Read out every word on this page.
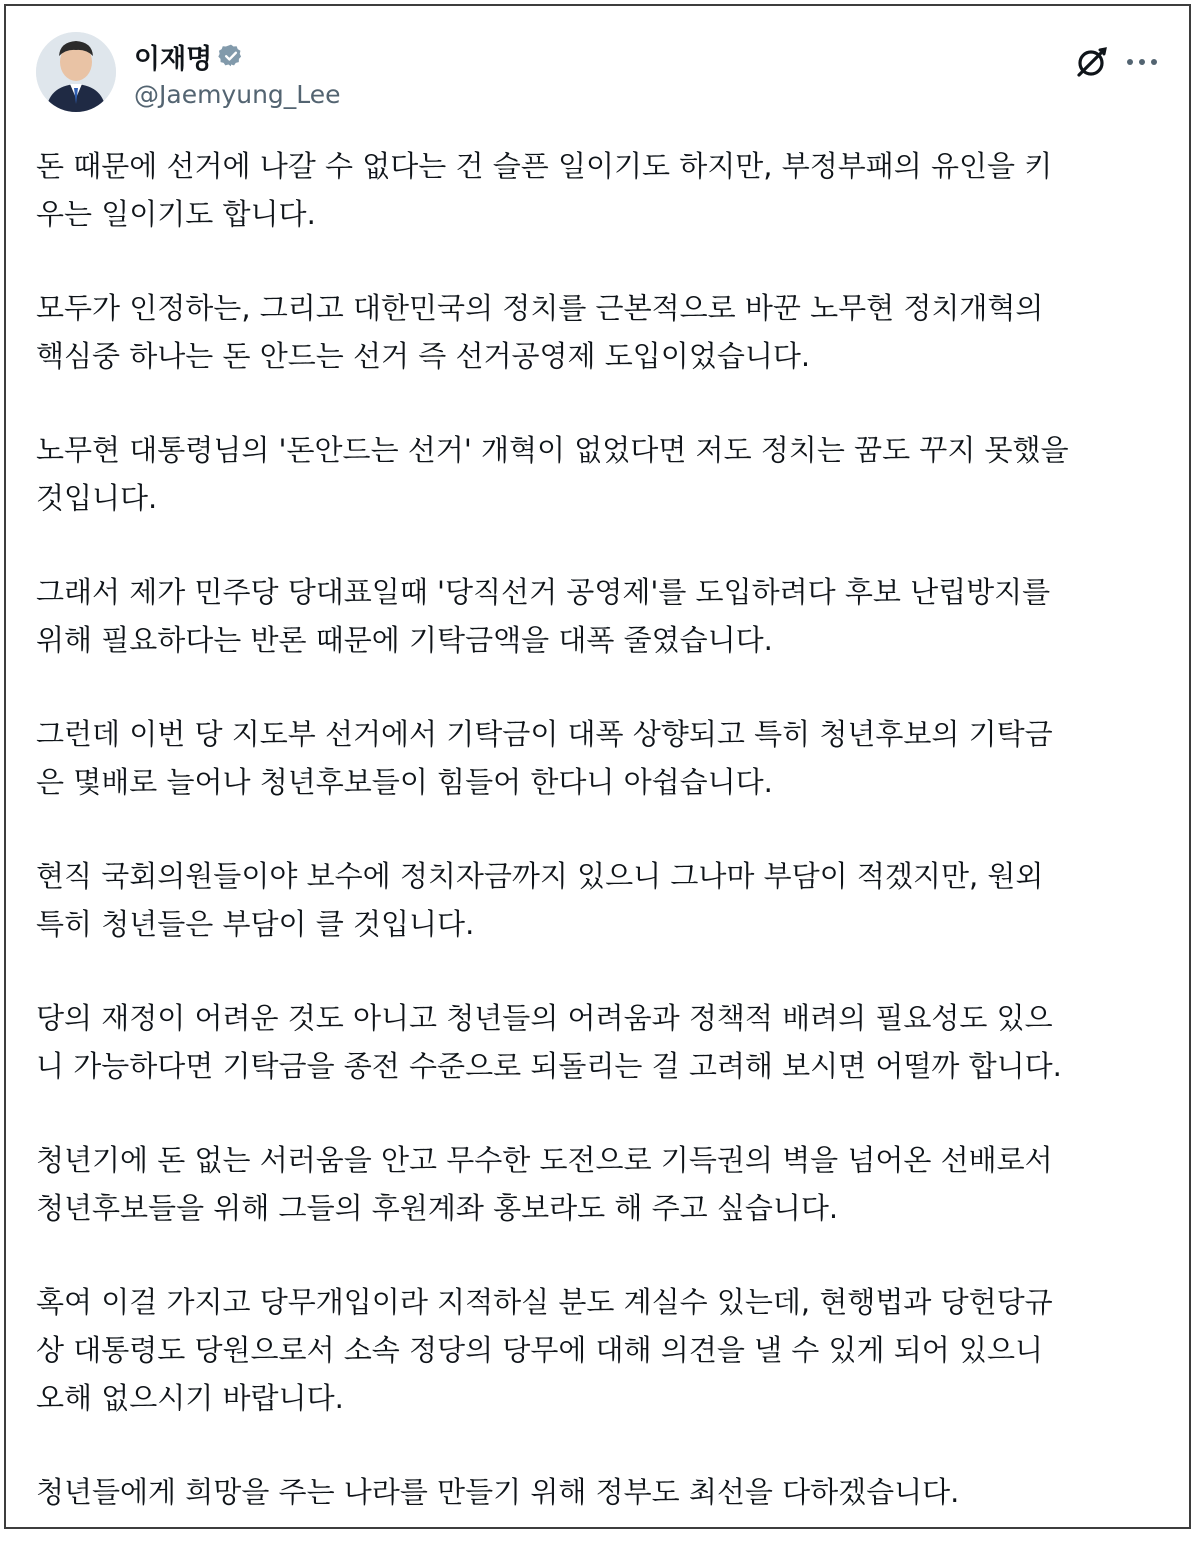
이재명
@Jaemyung_Lee

돈 때문에 선거에 나갈 수 없다는 건 슬픈 일이기도 하지만, 부정부패의 유인을 키
우는 일이기도 합니다.

모두가 인정하는, 그리고 대한민국의 정치를 근본적으로 바꾼 노무현 정치개혁의
핵심중 하나는 돈 안드는 선거 즉 선거공영제 도입이었습니다.

노무현 대통령님의 '돈안드는 선거' 개혁이 없었다면 저도 정치는 꿈도 꾸지 못했을
것입니다.

그래서 제가 민주당 당대표일때 '당직선거 공영제'를 도입하려다 후보 난립방지를
위해 필요하다는 반론 때문에 기탁금액을 대폭 줄였습니다.

그런데 이번 당 지도부 선거에서 기탁금이 대폭 상향되고 특히 청년후보의 기탁금
은 몇배로 늘어나 청년후보들이 힘들어 한다니 아쉽습니다.

현직 국회의원들이야 보수에 정치자금까지 있으니 그나마 부담이 적겠지만, 원외
특히 청년들은 부담이 클 것입니다.

당의 재정이 어려운 것도 아니고 청년들의 어려움과 정책적 배려의 필요성도 있으
니 가능하다면 기탁금을 종전 수준으로 되돌리는 걸 고려해 보시면 어떨까 합니다.

청년기에 돈 없는 서러움을 안고 무수한 도전으로 기득권의 벽을 넘어온 선배로서
청년후보들을 위해 그들의 후원계좌 홍보라도 해 주고 싶습니다.

혹여 이걸 가지고 당무개입이라 지적하실 분도 계실수 있는데, 현행법과 당헌당규
상 대통령도 당원으로서 소속 정당의 당무에 대해 의견을 낼 수 있게 되어 있으니
오해 없으시기 바랍니다.

청년들에게 희망을 주는 나라를 만들기 위해 정부도 최선을 다하겠습니다.
